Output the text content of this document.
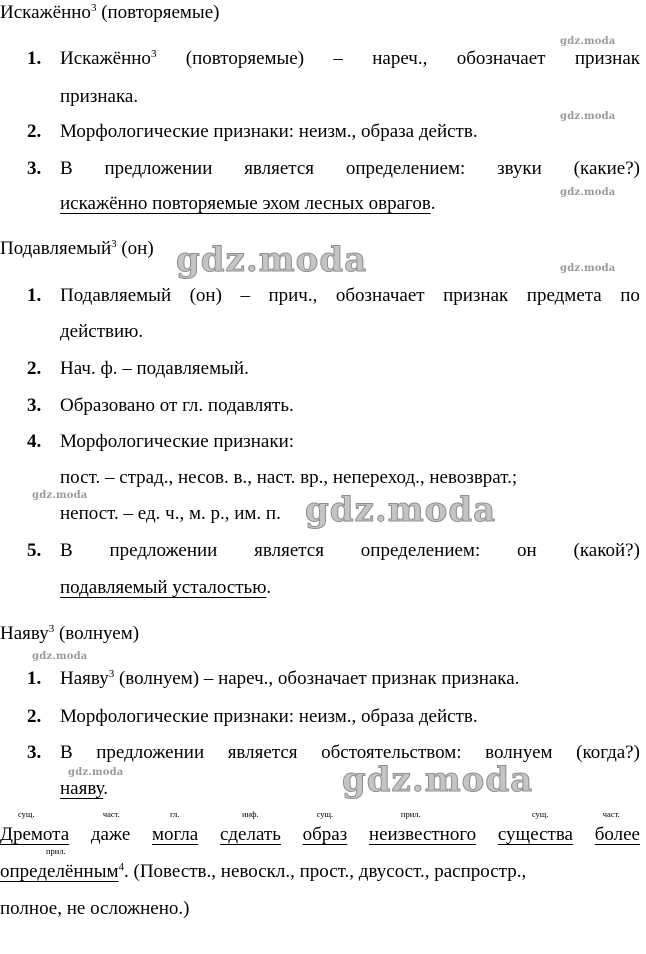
Искажённо$^3$ (повторяемые)
1. Искажённо$^3$ (повторяемые) – нареч., обозначает признак
признака.
2. Морфологические признаки: неизм., образа действ.
3. В предложении является определением: звуки (какие?)
искажённо повторяемые эхом лесных оврагов.
Подавляемый$^3$ (он)
1. Подавляемый (он) – прич., обозначает признак предмета по
действию.
2. Нач. ф. – подавляемый.
3. Образовано от гл. подавлять.
4. Морфологические признаки:
пост. – страд., несов. в., наст. вр., непереход., невозврат.;
непост. – ед. ч., м. р., им. п.
5. В предложении является определением: он (какой?)
подавляемый усталостью.
Наяву$^3$ (волнуем)
1. Наяву$^3$ (волнуем) – нареч., обозначает признак признака.
2. Морфологические признаки: неизм., образа действ.
3. В предложении является обстоятельством: волнуем (когда?)
наяву.
сущ.
Дремота
част.
даже
гл.
могла
инф.
сделать
сущ.
образ
прил.
неизвестного
сущ.
существа
част.
более
прил.
определённым$^4$. (Повеств., невоскл., прост., двусост., распростр.,
полное, не осложнено.)
gdz.moda
gdz.moda
gdz.moda
gdz.moda
gdz.moda
gdz.moda
gdz.moda
gdz.moda
gdz.moda
gdz.moda
